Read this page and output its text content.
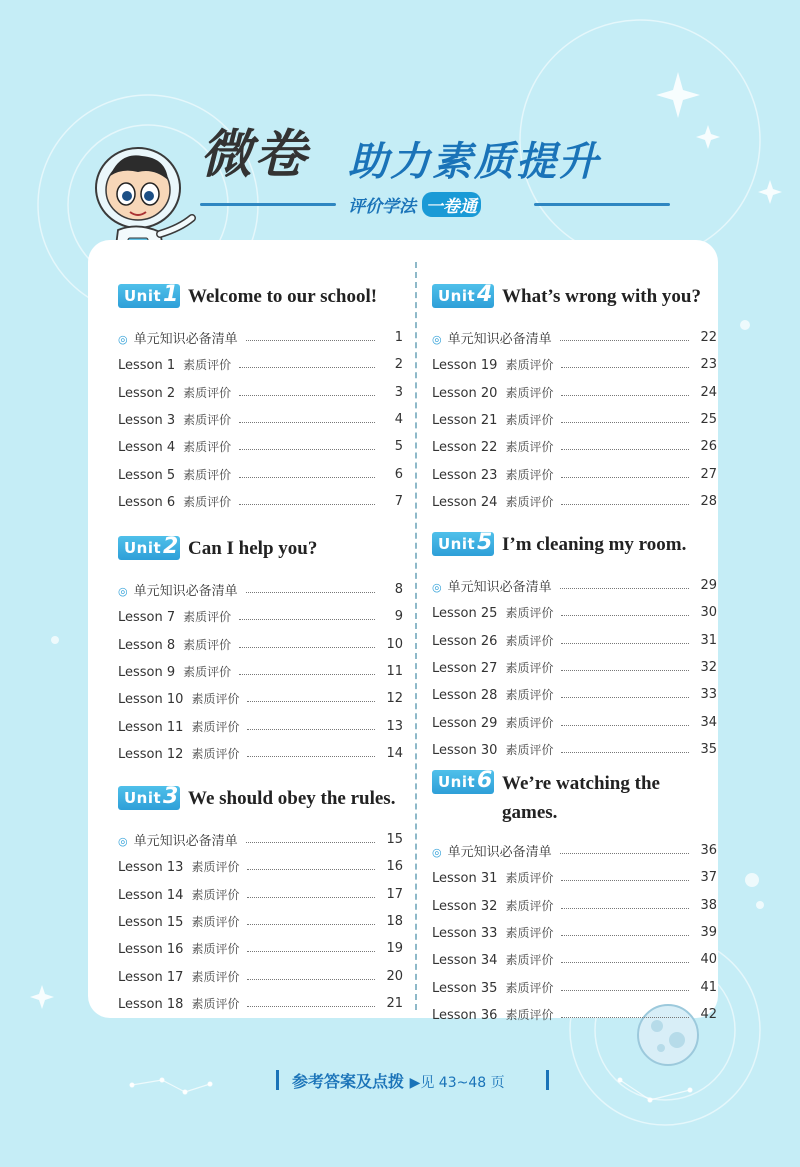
微卷 助力素质提升
评价学法 一卷通
Unit 1 Welcome to our school!
◎ 单元知识必备清单	1
Lesson 1 素质评价	2
Lesson 2 素质评价	3
Lesson 3 素质评价	4
Lesson 4 素质评价	5
Lesson 5 素质评价	6
Lesson 6 素质评价	7
Unit 2 Can I help you?
◎ 单元知识必备清单	8
Lesson 7 素质评价	9
Lesson 8 素质评价	10
Lesson 9 素质评价	11
Lesson 10 素质评价	12
Lesson 11 素质评价	13
Lesson 12 素质评价	14
Unit 3 We should obey the rules.
◎ 单元知识必备清单	15
Lesson 13 素质评价	16
Lesson 14 素质评价	17
Lesson 15 素质评价	18
Lesson 16 素质评价	19
Lesson 17 素质评价	20
Lesson 18 素质评价	21
Unit 4 What’s wrong with you?
◎ 单元知识必备清单	22
Lesson 19 素质评价	23
Lesson 20 素质评价	24
Lesson 21 素质评价	25
Lesson 22 素质评价	26
Lesson 23 素质评价	27
Lesson 24 素质评价	28
Unit 5 I’m cleaning my room.
◎ 单元知识必备清单	29
Lesson 25 素质评价	30
Lesson 26 素质评价	31
Lesson 27 素质评价	32
Lesson 28 素质评价	33
Lesson 29 素质评价	34
Lesson 30 素质评价	35
Unit 6 We’re watching the games.
◎ 单元知识必备清单	36
Lesson 31 素质评价	37
Lesson 32 素质评价	38
Lesson 33 素质评价	39
Lesson 34 素质评价	40
Lesson 35 素质评价	41
Lesson 36 素质评价	42
参考答案及点拨 ▶见 43~48 页
